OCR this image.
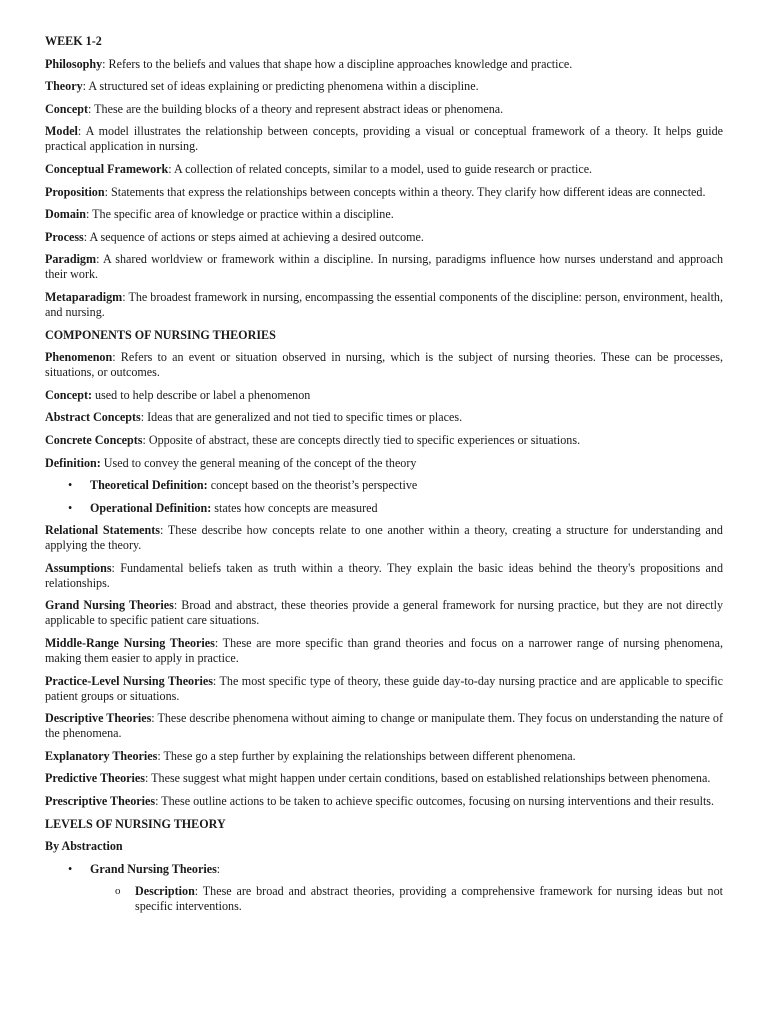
WEEK 1-2

Philosophy: Refers to the beliefs and values that shape how a discipline approaches knowledge and practice.

Theory: A structured set of ideas explaining or predicting phenomena within a discipline.

Concept: These are the building blocks of a theory and represent abstract ideas or phenomena.

Model: A model illustrates the relationship between concepts, providing a visual or conceptual framework of a theory. It helps guide practical application in nursing.

Conceptual Framework: A collection of related concepts, similar to a model, used to guide research or practice.

Proposition: Statements that express the relationships between concepts within a theory. They clarify how different ideas are connected.

Domain: The specific area of knowledge or practice within a discipline.

Process: A sequence of actions or steps aimed at achieving a desired outcome.

Paradigm: A shared worldview or framework within a discipline. In nursing, paradigms influence how nurses understand and approach their work.

Metaparadigm: The broadest framework in nursing, encompassing the essential components of the discipline: person, environment, health, and nursing.

COMPONENTS OF NURSING THEORIES

Phenomenon: Refers to an event or situation observed in nursing, which is the subject of nursing theories. These can be processes, situations, or outcomes.

Concept: used to help describe or label a phenomenon

Abstract Concepts: Ideas that are generalized and not tied to specific times or places.

Concrete Concepts: Opposite of abstract, these are concepts directly tied to specific experiences or situations.

Definition: Used to convey the general meaning of the concept of the theory

• Theoretical Definition: concept based on the theorist’s perspective
• Operational Definition: states how concepts are measured

Relational Statements: These describe how concepts relate to one another within a theory, creating a structure for understanding and applying the theory.

Assumptions: Fundamental beliefs taken as truth within a theory. They explain the basic ideas behind the theory's propositions and relationships.

Grand Nursing Theories: Broad and abstract, these theories provide a general framework for nursing practice, but they are not directly applicable to specific patient care situations.

Middle-Range Nursing Theories: These are more specific than grand theories and focus on a narrower range of nursing phenomena, making them easier to apply in practice.

Practice-Level Nursing Theories: The most specific type of theory, these guide day-to-day nursing practice and are applicable to specific patient groups or situations.

Descriptive Theories: These describe phenomena without aiming to change or manipulate them. They focus on understanding the nature of the phenomena.

Explanatory Theories: These go a step further by explaining the relationships between different phenomena.

Predictive Theories: These suggest what might happen under certain conditions, based on established relationships between phenomena.

Prescriptive Theories: These outline actions to be taken to achieve specific outcomes, focusing on nursing interventions and their results.

LEVELS OF NURSING THEORY

By Abstraction

• Grand Nursing Theories:

o Description: These are broad and abstract theories, providing a comprehensive framework for nursing ideas but not specific interventions.
